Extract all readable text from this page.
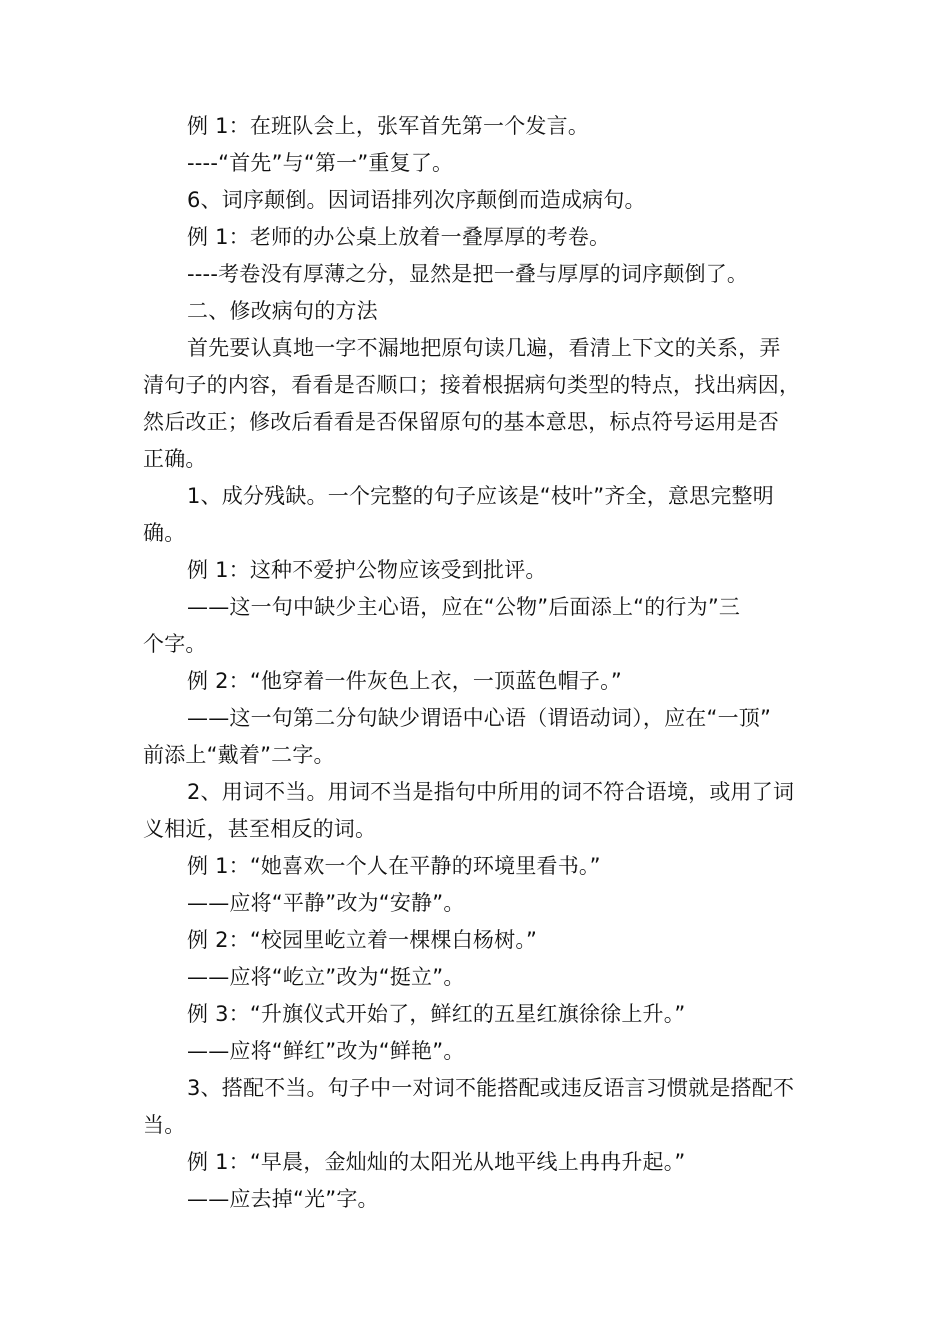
例 1：在班队会上，张军首先第一个发言。
----“首先”与“第一”重复了。
6、词序颠倒。因词语排列次序颠倒而造成病句。
例 1：老师的办公桌上放着一叠厚厚的考卷。
----考卷没有厚薄之分，显然是把一叠与厚厚的词序颠倒了。
二、修改病句的方法
首先要认真地一字不漏地把原句读几遍，看清上下文的关系，弄
清句子的内容，看看是否顺口；接着根据病句类型的特点，找出病因，
然后改正；修改后看看是否保留原句的基本意思，标点符号运用是否
正确。
1、成分残缺。一个完整的句子应该是“枝叶”齐全，意思完整明
确。
例 1：这种不爱护公物应该受到批评。
——这一句中缺少主心语，应在“公物”后面添上“的行为”三
个字。
例 2：“他穿着一件灰色上衣，一顶蓝色帽子。”
——这一句第二分句缺少谓语中心语（谓语动词），应在“一顶”
前添上“戴着”二字。
2、用词不当。用词不当是指句中所用的词不符合语境，或用了词
义相近，甚至相反的词。
例 1：“她喜欢一个人在平静的环境里看书。”
——应将“平静”改为“安静”。
例 2：“校园里屹立着一棵棵白杨树。”
——应将“屹立”改为“挺立”。
例 3：“升旗仪式开始了，鲜红的五星红旗徐徐上升。”
——应将“鲜红”改为“鲜艳”。
3、搭配不当。句子中一对词不能搭配或违反语言习惯就是搭配不
当。
例 1：“早晨，金灿灿的太阳光从地平线上冉冉升起。”
——应去掉“光”字。
